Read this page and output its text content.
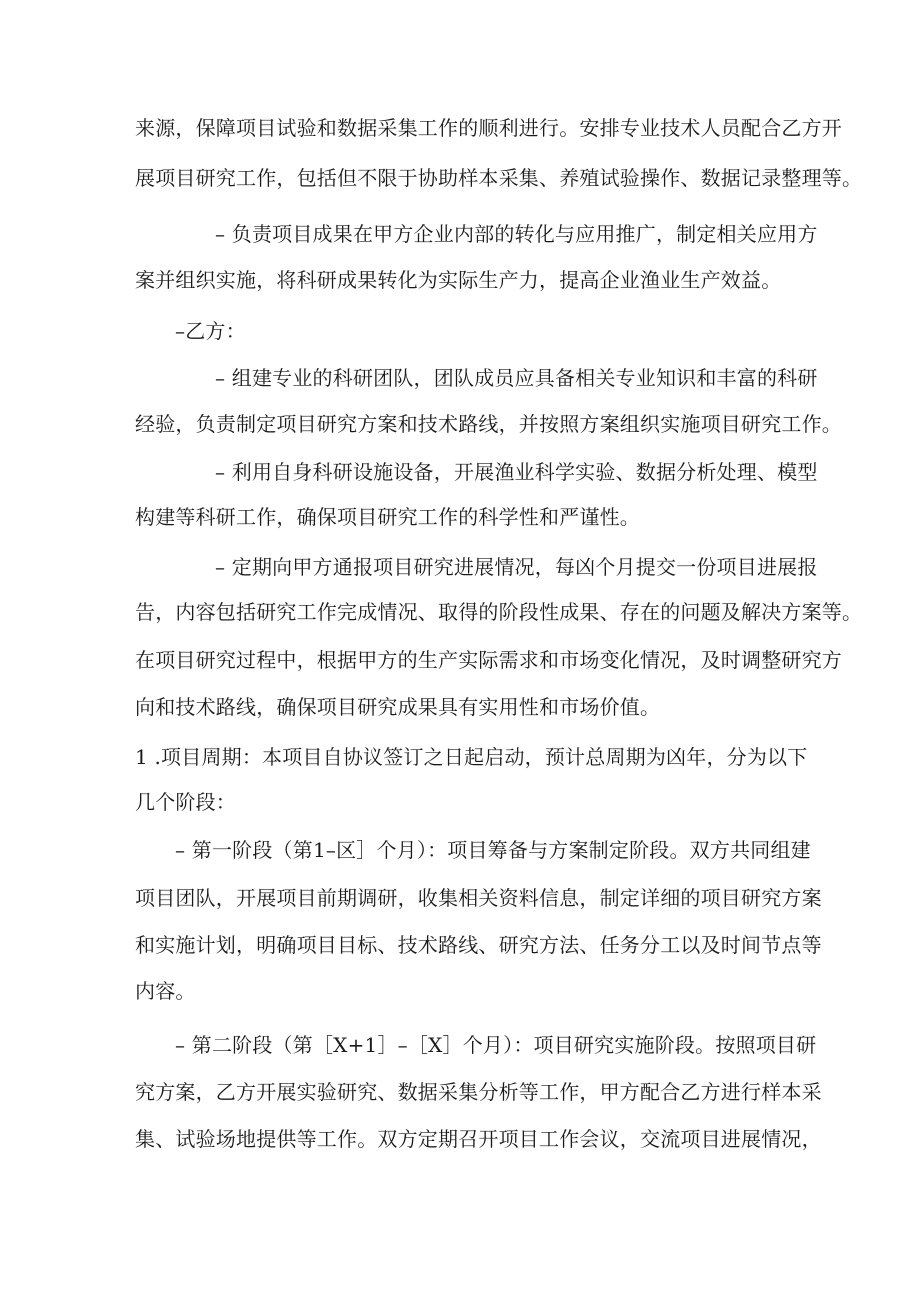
来源，保障项目试验和数据采集工作的顺利进行。安排专业技术人员配合乙方开
展项目研究工作，包括但不限于协助样本采集、养殖试验操作、数据记录整理等。
– 负责项目成果在甲方企业内部的转化与应用推广，制定相关应用方
案并组织实施，将科研成果转化为实际生产力，提高企业渔业生产效益。
–乙方：
– 组建专业的科研团队，团队成员应具备相关专业知识和丰富的科研
经验，负责制定项目研究方案和技术路线，并按照方案组织实施项目研究工作。
– 利用自身科研设施设备，开展渔业科学实验、数据分析处理、模型
构建等科研工作，确保项目研究工作的科学性和严谨性。
– 定期向甲方通报项目研究进展情况，每凶个月提交一份项目进展报
告，内容包括研究工作完成情况、取得的阶段性成果、存在的问题及解决方案等。
在项目研究过程中，根据甲方的生产实际需求和市场变化情况，及时调整研究方
向和技术路线，确保项目研究成果具有实用性和市场价值。
1 .项目周期：本项目自协议签订之日起启动，预计总周期为凶年，分为以下
几个阶段：
– 第一阶段（第1–区］个月）：项目筹备与方案制定阶段。双方共同组建
项目团队，开展项目前期调研，收集相关资料信息，制定详细的项目研究方案
和实施计划，明确项目目标、技术路线、研究方法、任务分工以及时间节点等
内容。
– 第二阶段（第［X+1］–［X］个月）：项目研究实施阶段。按照项目研
究方案，乙方开展实验研究、数据采集分析等工作，甲方配合乙方进行样本采
集、试验场地提供等工作。双方定期召开项目工作会议，交流项目进展情况，
